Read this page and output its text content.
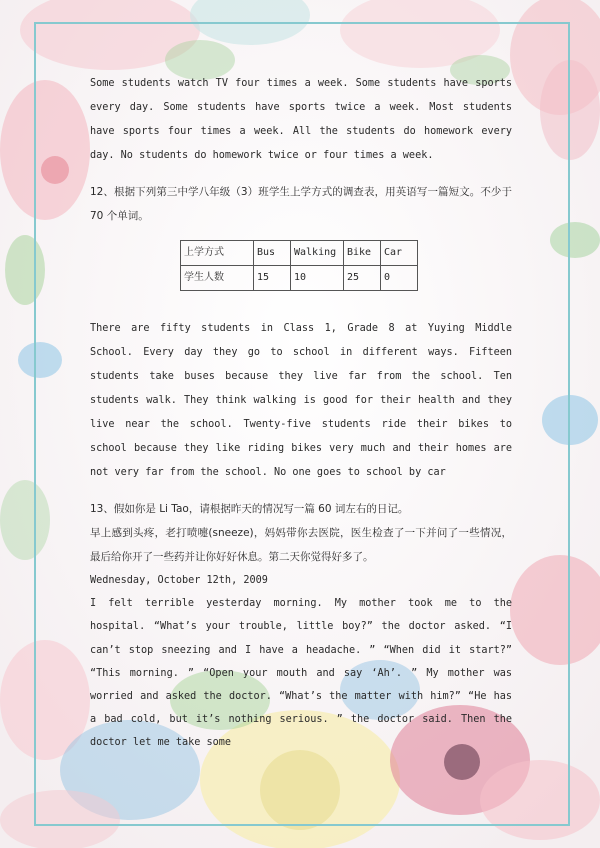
Some students watch TV four times a week. Some students have sports every day. Some students have sports twice a week. Most students have sports four times a week. All the students do homework every day. No students do homework twice or four times a week.

12、根据下列第三中学八年级（3）班学生上学方式的调查表，用英语写一篇短文。不少于 70 个单词。

上学方式	Bus	Walking	Bike	Car
学生人数	15	10	25	0

There are fifty students in Class 1, Grade 8 at Yuying Middle School. Every day they go to school in different ways. Fifteen students take buses because they live far from the school. Ten students walk. They think walking is good for their health and they live near the school. Twenty-five students ride their bikes to school because they like riding bikes very much and their homes are not very far from the school. No one goes to school by car

13、假如你是 Li Tao，请根据昨天的情况写一篇 60 词左右的日记。

早上感到头疼，老打喷嚏(sneeze)，妈妈带你去医院，医生检查了一下并问了一些情况，最后给你开了一些药并让你好好休息。第二天你觉得好多了。

Wednesday, October 12th, 2009

I felt terrible yesterday morning. My mother took me to the hospital. “What’s your trouble, little boy?” the doctor asked. “I can’t stop sneezing and I have a headache. ” “When did it start?” “This morning. ” “Open your mouth and say ‘Ah’. ” My mother was worried and asked the doctor. “What’s the matter with him?” “He has a bad cold, but it’s nothing serious. ” the doctor said. Then the doctor let me take some
